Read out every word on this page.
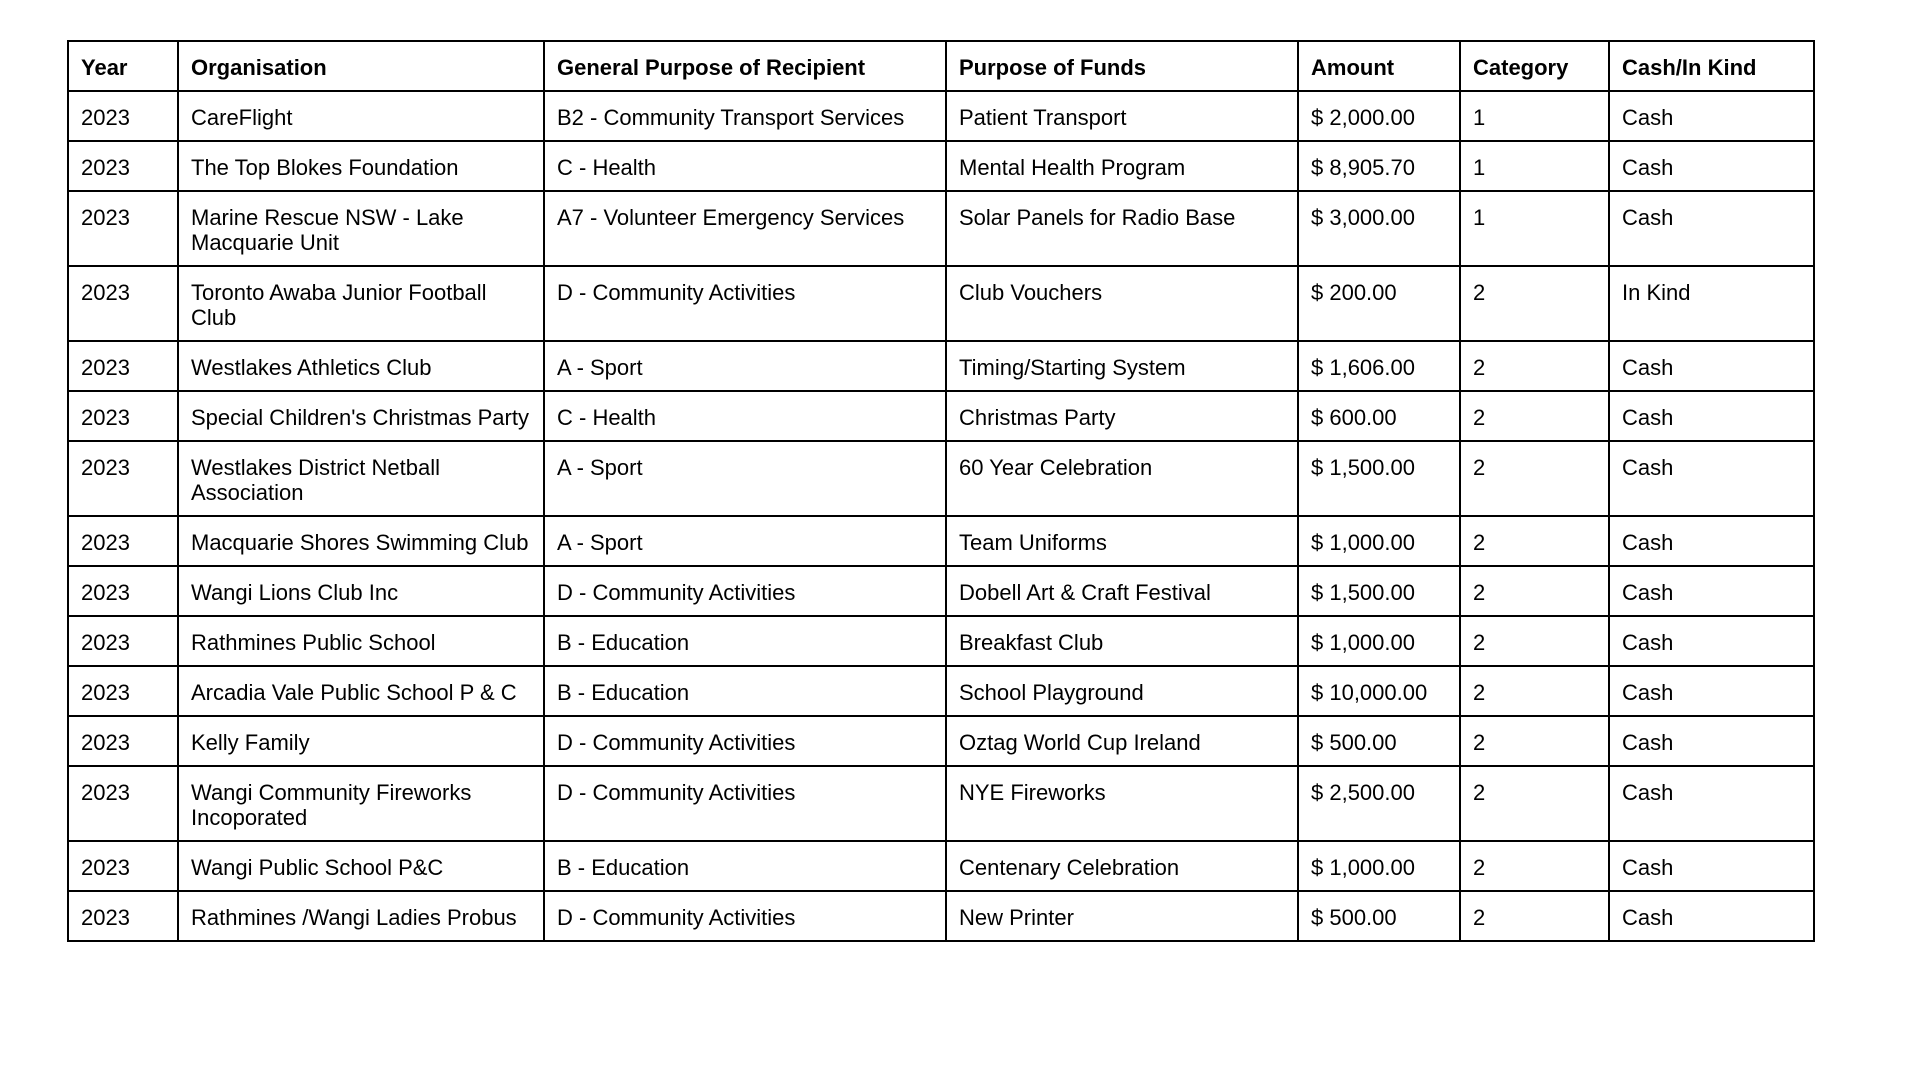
Year	Organisation	General Purpose of Recipient	Purpose of Funds	Amount	Category	Cash/In Kind
2023	CareFlight	B2 - Community Transport Services	Patient Transport	$ 2,000.00	1	Cash
2023	The Top Blokes Foundation	C - Health	Mental Health Program	$ 8,905.70	1	Cash
2023	Marine Rescue NSW - Lake Macquarie Unit	A7 - Volunteer Emergency Services	Solar Panels for Radio Base	$ 3,000.00	1	Cash
2023	Toronto Awaba Junior Football Club	D - Community Activities	Club Vouchers	$ 200.00	2	In Kind
2023	Westlakes Athletics Club	A - Sport	Timing/Starting System	$ 1,606.00	2	Cash
2023	Special Children's Christmas Party	C - Health	Christmas Party	$ 600.00	2	Cash
2023	Westlakes District Netball Association	A - Sport	60 Year Celebration	$ 1,500.00	2	Cash
2023	Macquarie Shores Swimming Club	A - Sport	Team Uniforms	$ 1,000.00	2	Cash
2023	Wangi Lions Club Inc	D - Community Activities	Dobell Art & Craft Festival	$ 1,500.00	2	Cash
2023	Rathmines Public School	B - Education	Breakfast Club	$ 1,000.00	2	Cash
2023	Arcadia Vale Public School P & C	B - Education	School Playground	$ 10,000.00	2	Cash
2023	Kelly Family	D - Community Activities	Oztag World Cup Ireland	$ 500.00	2	Cash
2023	Wangi Community Fireworks Incoporated	D - Community Activities	NYE Fireworks	$ 2,500.00	2	Cash
2023	Wangi Public School P&C	B - Education	Centenary Celebration	$ 1,000.00	2	Cash
2023	Rathmines /Wangi Ladies Probus	D - Community Activities	New Printer	$ 500.00	2	Cash
